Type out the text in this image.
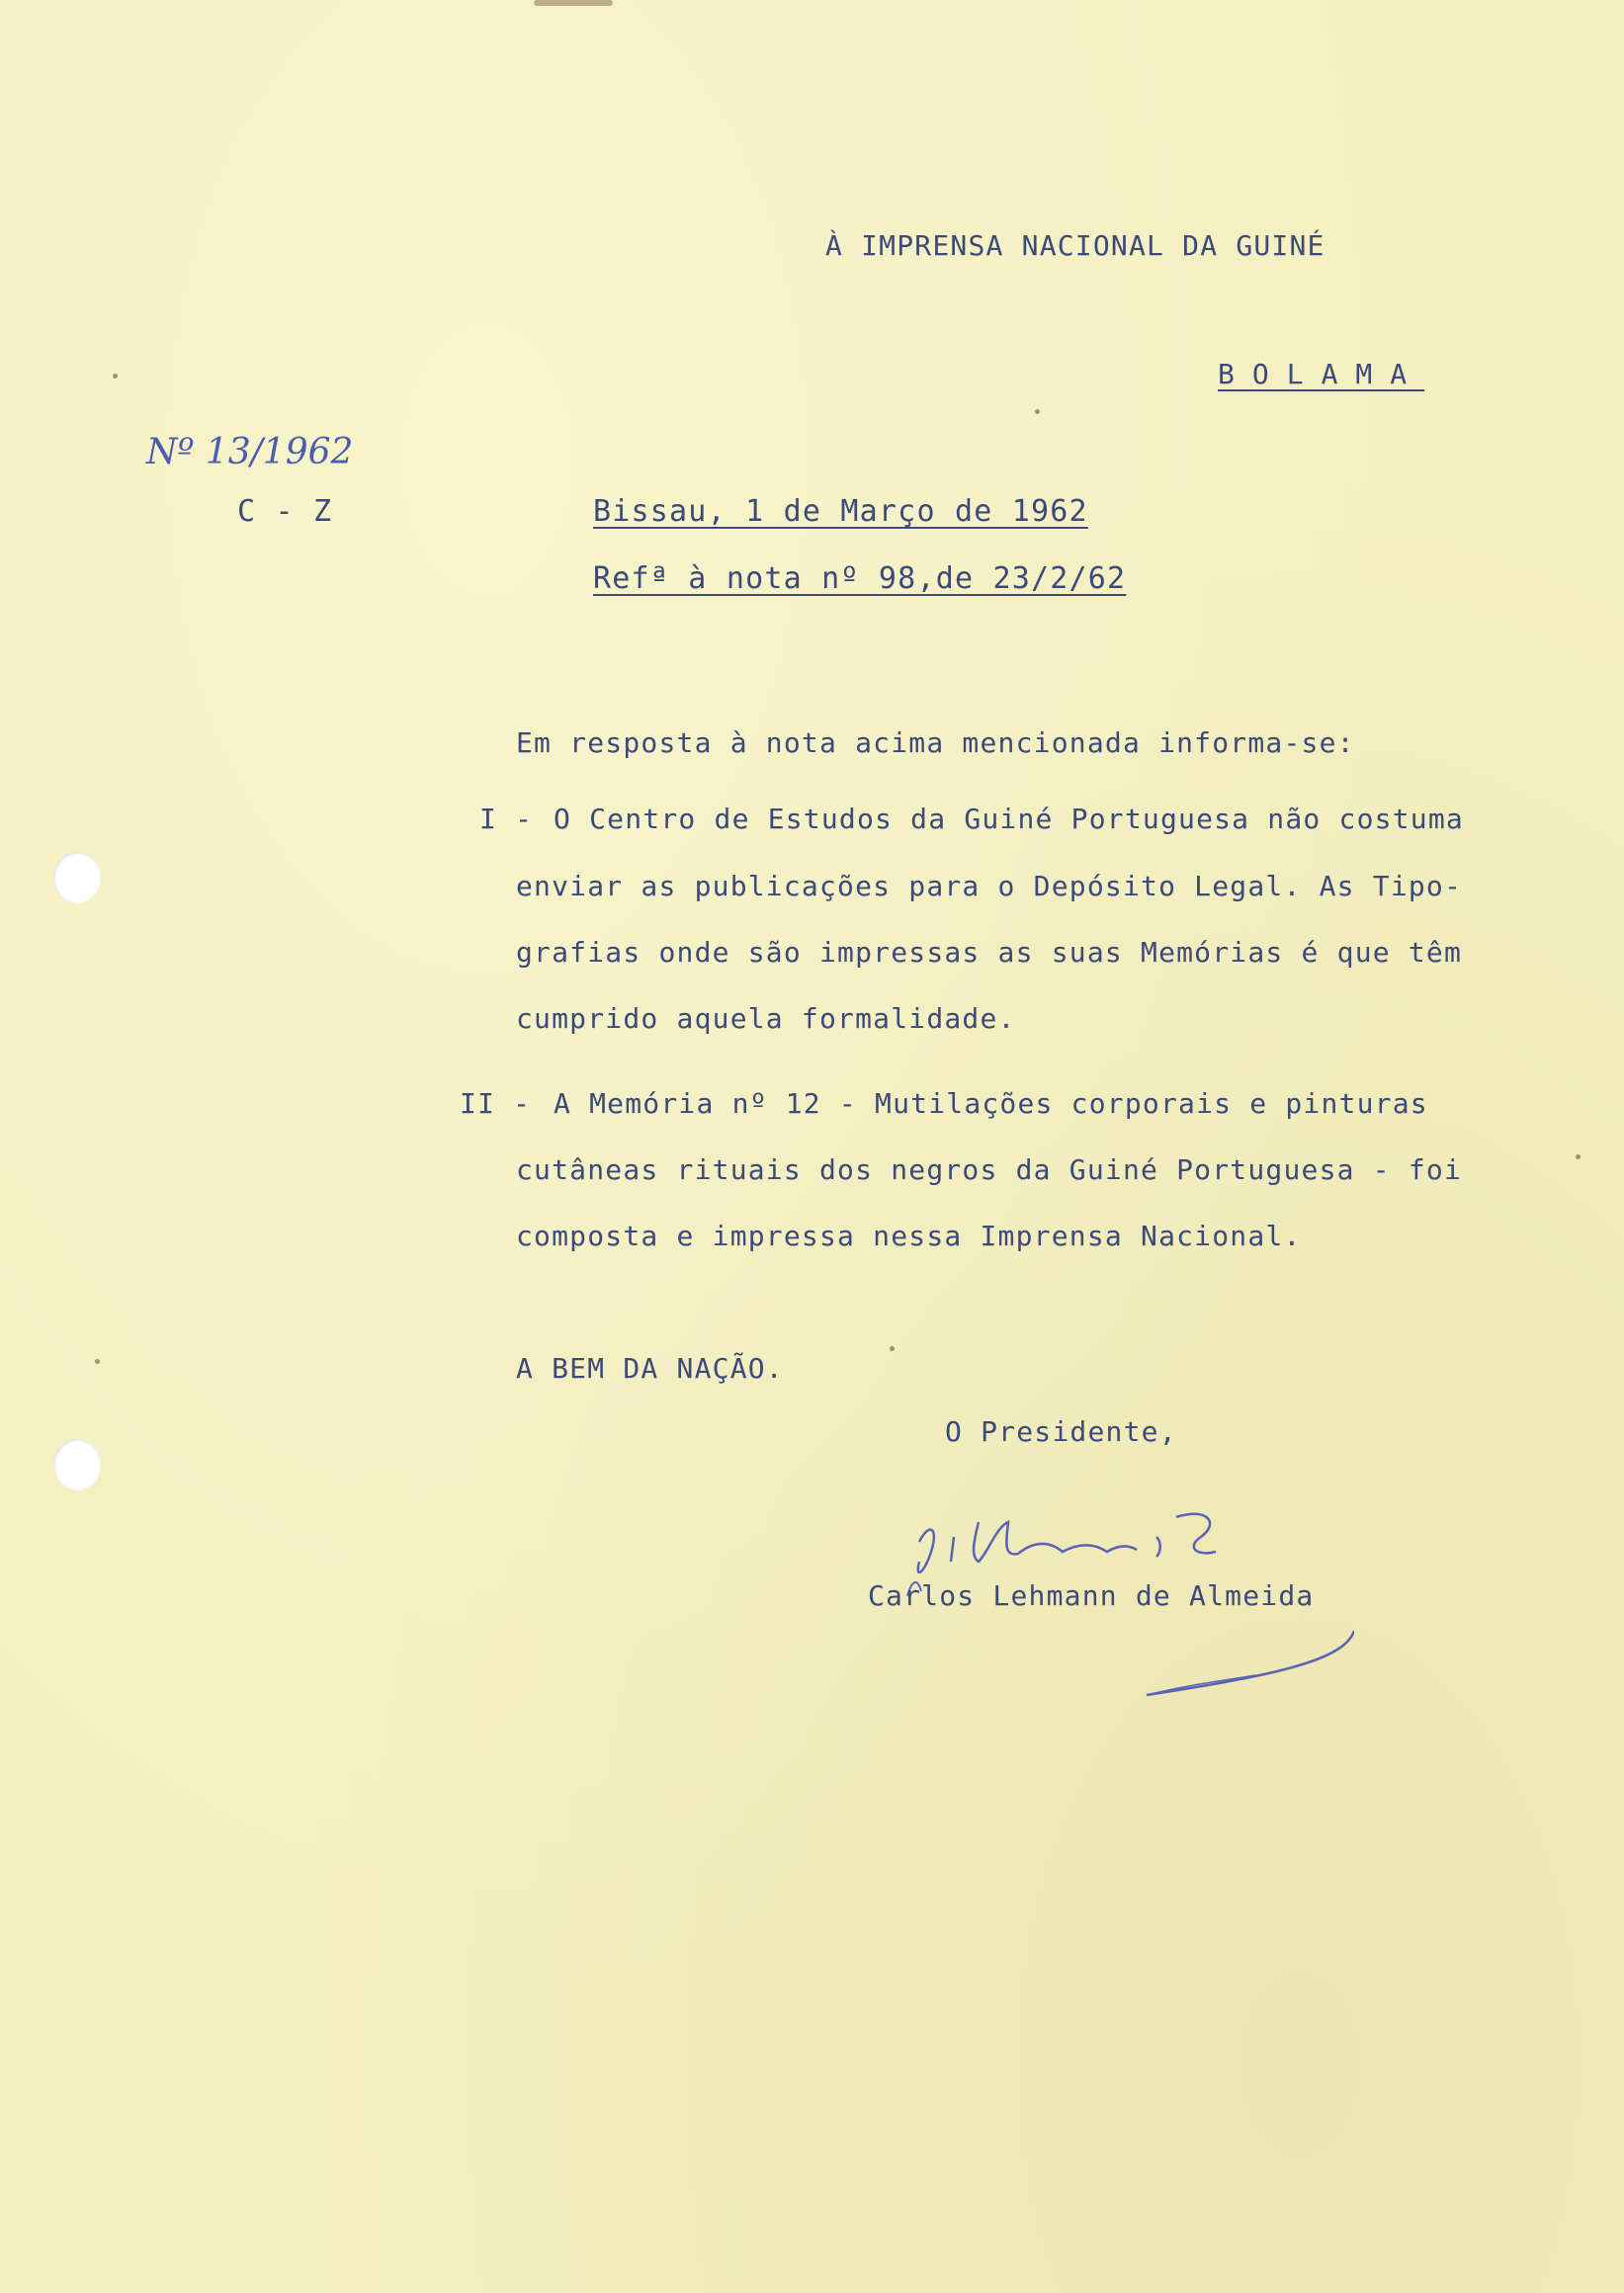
À IMPRENSA NACIONAL DA GUINÉ
BOLAMA
Nº 13/1962
C - Z	Bissau, 1 de Março de 1962
Refª à nota nº 98,de 23/2/62
Em resposta à nota acima mencionada informa-se:
I - O Centro de Estudos da Guiné Portuguesa não costuma
enviar as publicações para o Depósito Legal. As Tipo-
grafias onde são impressas as suas Memórias é que têm
cumprido aquela formalidade.
II - A Memória nº 12 - Mutilações corporais e pinturas
cutâneas rituais dos negros da Guiné Portuguesa - foi
composta e impressa nessa Imprensa Nacional.
A BEM DA NAÇÃO.
O Presidente,
Carlos Lehmann de Almeida
